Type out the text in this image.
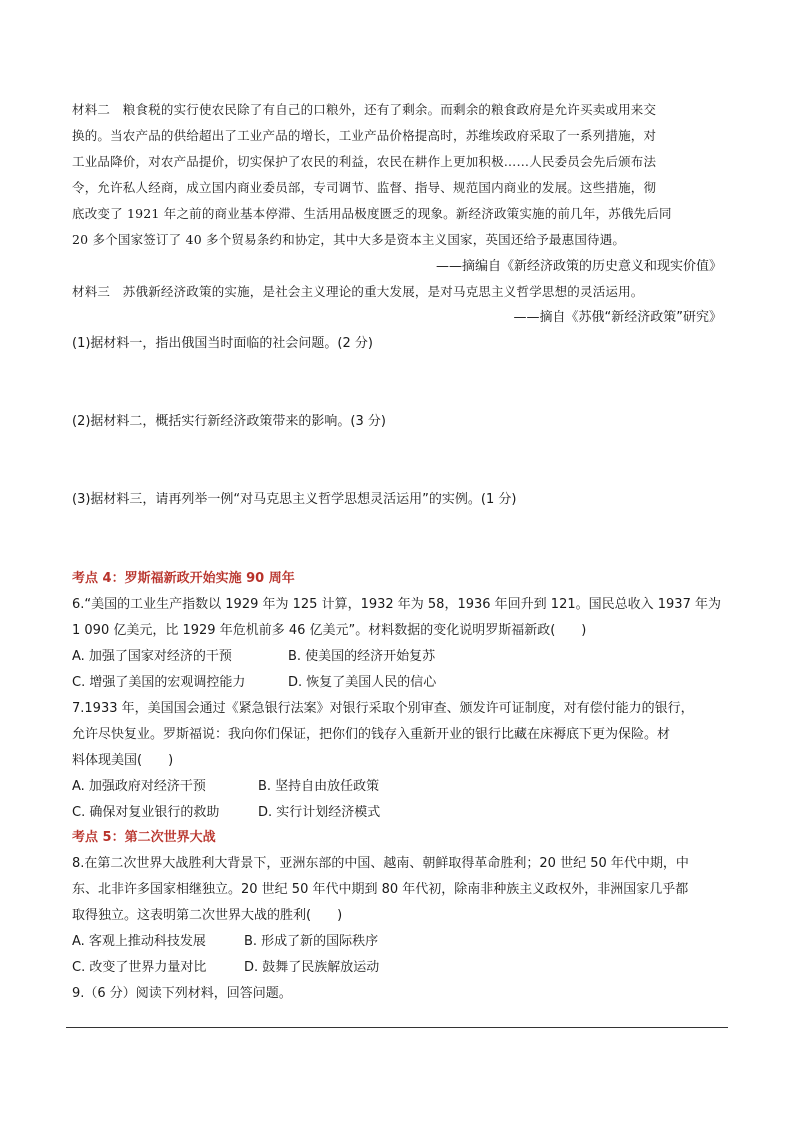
材料二　粮食税的实行使农民除了有自己的口粮外，还有了剩余。而剩余的粮食政府是允许买卖或用来交
换的。当农产品的供给超出了工业产品的增长，工业产品价格提高时，苏维埃政府采取了一系列措施，对
工业品降价，对农产品提价，切实保护了农民的利益，农民在耕作上更加积极……人民委员会先后颁布法
令，允许私人经商，成立国内商业委员部，专司调节、监督、指导、规范国内商业的发展。这些措施，彻
底改变了 1921 年之前的商业基本停滞、生活用品极度匮乏的现象。新经济政策实施的前几年，苏俄先后同
20 多个国家签订了 40 多个贸易条约和协定，其中大多是资本主义国家，英国还给予最惠国待遇。
——摘编自《新经济政策的历史意义和现实价值》
材料三　苏俄新经济政策的实施，是社会主义理论的重大发展，是对马克思主义哲学思想的灵活运用。
——摘自《苏俄“新经济政策”研究》
(1)据材料一，指出俄国当时面临的社会问题。(2 分)
(2)据材料二，概括实行新经济政策带来的影响。(3 分)
(3)据材料三，请再列举一例“对马克思主义哲学思想灵活运用”的实例。(1 分)
考点 4：罗斯福新政开始实施 90 周年
6.“美国的工业生产指数以 1929 年为 125 计算，1932 年为 58，1936 年回升到 121。国民总收入 1937 年为
1 090 亿美元，比 1929 年危机前多 46 亿美元”。材料数据的变化说明罗斯福新政(　　)
A. 加强了国家对经济的干预	B. 使美国的经济开始复苏
C. 增强了美国的宏观调控能力	D. 恢复了美国人民的信心
7.1933 年，美国国会通过《紧急银行法案》对银行采取个别审查、颁发许可证制度，对有偿付能力的银行，
允许尽快复业。罗斯福说：我向你们保证，把你们的钱存入重新开业的银行比藏在床褥底下更为保险。材
料体现美国(　　)
A. 加强政府对经济干预	B. 坚持自由放任政策
C. 确保对复业银行的救助	D. 实行计划经济模式
考点 5：第二次世界大战
8.在第二次世界大战胜利大背景下，亚洲东部的中国、越南、朝鲜取得革命胜利；20 世纪 50 年代中期，中
东、北非许多国家相继独立。20 世纪 50 年代中期到 80 年代初，除南非种族主义政权外，非洲国家几乎都
取得独立。这表明第二次世界大战的胜利(　　)
A. 客观上推动科技发展	B. 形成了新的国际秩序
C. 改变了世界力量对比	D. 鼓舞了民族解放运动
9.（6 分）阅读下列材料，回答问题。
